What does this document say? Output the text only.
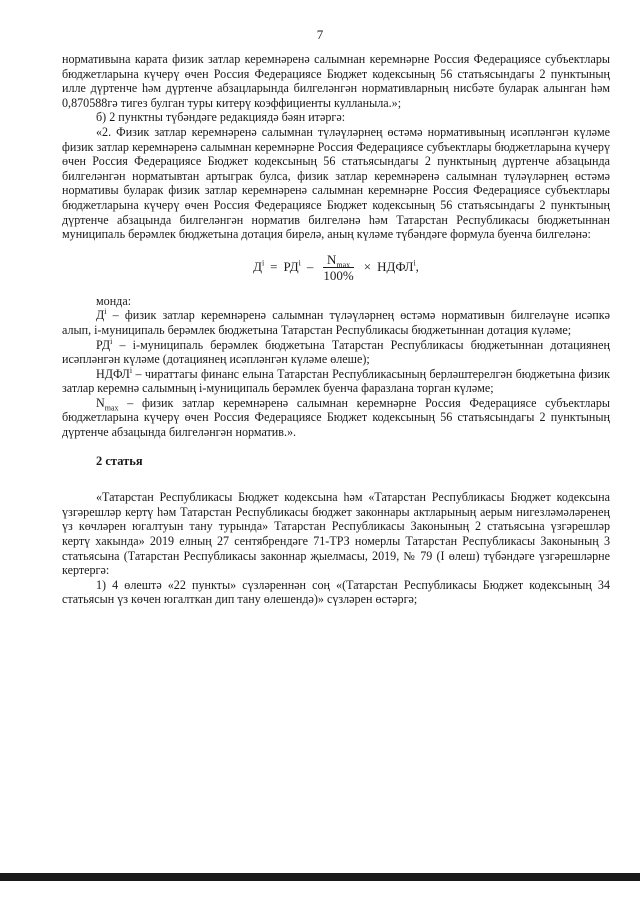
7

нормативына карата физик затлар керемнәренә салымнан керемнәрне Россия Федерациясе субъектлары бюджетларына күчерү өчен Россия Федерациясе Бюджет кодексының 56 статьясындагы 2 пунктының илле дүртенче һәм дүртенче абзацларында билгеләнгән нормативларның нисбәте буларак алынган һәм 0,870588гә тигез булган туры китерү коэффициенты кулланыла.»;

б) 2 пунктны түбәндәге редакциядә бәян итәргә:

«2. Физик затлар керемнәренә салымнан түләүләрнең өстәмә нормативының исәпләнгән күләме физик затлар керемнәренә салымнан керемнәрне Россия Федерациясе субъектлары бюджетларына күчерү өчен Россия Федерациясе Бюджет кодексының 56 статьясындагы 2 пунктының дүртенче абзацында билгеләнгән норматывтан артыграк булса, физик затлар керемнәренә салымнан түләүләрнең өстәмә нормативы буларак физик затлар керемнәренә салымнан керемнәрне Россия Федерациясе субъектлары бюджетларына күчерү өчен Россия Федерациясе Бюджет кодексының 56 статьясындагы 2 пунктының дүртенче абзацында билгеләнгән норматив билгеләнә һәм Татарстан Республикасы бюджетыннан муниципаль берәмлек бюджетына дотация бирелә, аның күләме түбәндәге формула буенча билгеләнә:

$Д^i = РД^i - \frac{N_{max}}{100\%}$ × $НДФЛ^i$,

монда:

$Д^i$ – физик затлар керемнәренә салымнан түләүләрнең өстәмә нормативын билгеләүне исәпкә алып, i-муниципаль берәмлек бюджетына Татарстан Республикасы бюджетыннан дотация күләме;

$РД^i$ – i-муниципаль берәмлек бюджетына Татарстан Республикасы бюджетыннан дотациянең исәпләнгән күләме (дотациянең исәпләнгән күләме өлеше);

НДФЛ$^i$ – чираттагы финанс елына Татарстан Республикасының берләштерелгән бюджетына физик затлар керемнә салымның i-муниципаль берәмлек буенча фаразлана торган күләме;

$N_{max}$ – физик затлар керемнәренә салымнан керемнәрне Россия Федерациясе субъектлары бюджетларына күчерү өчен Россия Федерациясе Бюджет кодексының 56 статьясындагы 2 пунктының дүртенче абзацында билгеләнгән норматив.».

2 статья

«Татарстан Республикасы Бюджет кодексына һәм «Татарстан Республикасы Бюджет кодексына үзгәрешләр кертү һәм Татарстан Республикасы бюджет законнары актларының аерым нигезләмәләренең үз көчләрен югалтуын тану турында» Татарстан Республикасы Законының 2 статьясына үзгәрешләр кертү хакында» 2019 елның 27 сентябрендәге 71-ТРЗ номерлы Татарстан Республикасы Законының 3 статьясына (Татарстан Республикасы законнар җыелмасы, 2019, № 79 (I өлеш) түбәндәге үзгәрешләрне кертергә:

1) 4 өлештә «22 пункты» сүзләреннән соң «(Татарстан Республикасы Бюджет кодексының 34 статьясын үз көчен югалткан дип тану өлешендә)» сүзләрен өстәргә;
